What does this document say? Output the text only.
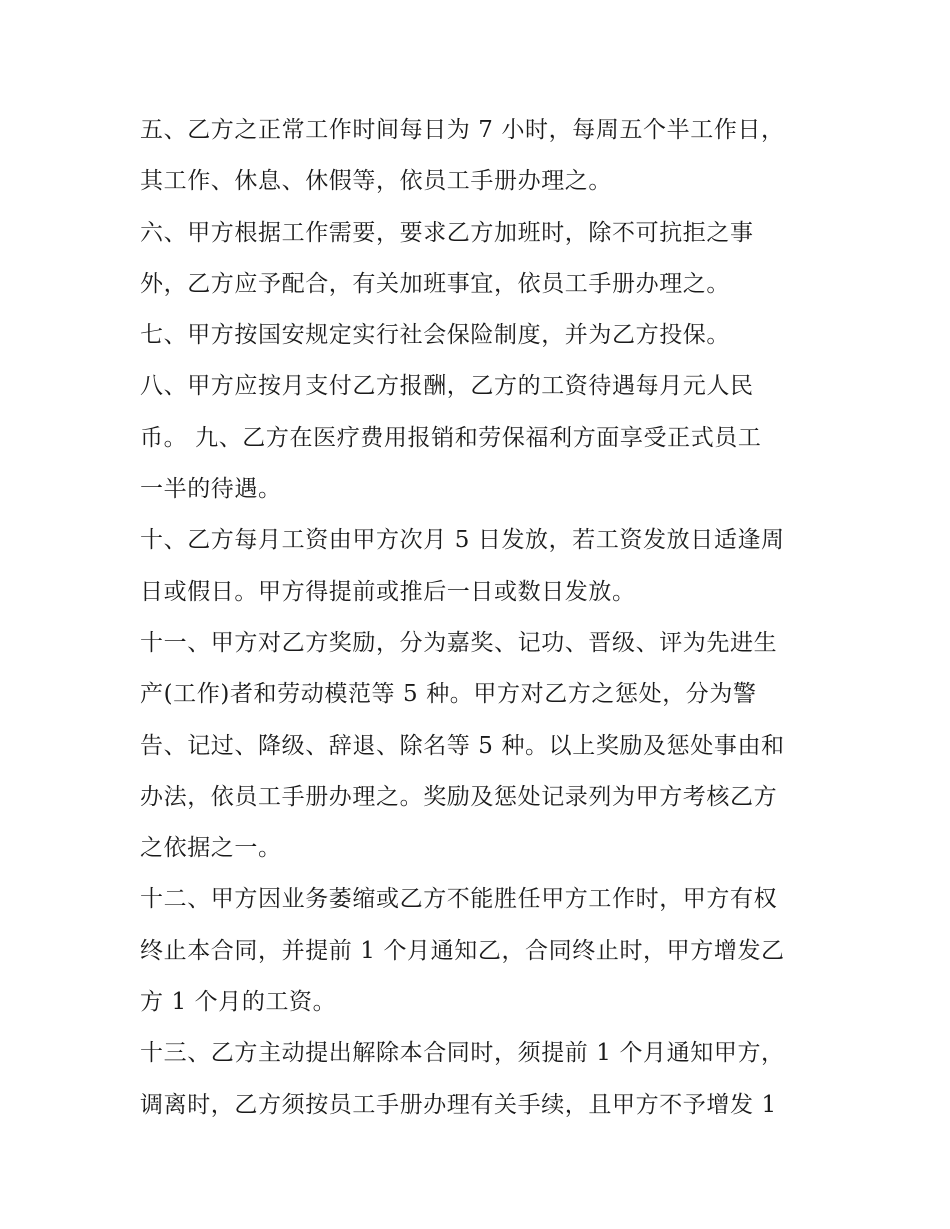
五、乙方之正常工作时间每日为 7 小时，每周五个半工作日，
其工作、休息、休假等，依员工手册办理之。
六、甲方根据工作需要，要求乙方加班时，除不可抗拒之事
外，乙方应予配合，有关加班事宜，依员工手册办理之。
七、甲方按国安规定实行社会保险制度，并为乙方投保。
八、甲方应按月支付乙方报酬，乙方的工资待遇每月元人民
币。 九、乙方在医疗费用报销和劳保福利方面享受正式员工
一半的待遇。
十、乙方每月工资由甲方次月 5 日发放，若工资发放日适逢周
日或假日。甲方得提前或推后一日或数日发放。
十一、甲方对乙方奖励，分为嘉奖、记功、晋级、评为先进生
产(工作)者和劳动模范等 5 种。甲方对乙方之惩处，分为警
告、记过、降级、辞退、除名等 5 种。以上奖励及惩处事由和
办法，依员工手册办理之。奖励及惩处记录列为甲方考核乙方
之依据之一。
十二、甲方因业务萎缩或乙方不能胜任甲方工作时，甲方有权
终止本合同，并提前 1 个月通知乙，合同终止时，甲方增发乙
方 1 个月的工资。
十三、乙方主动提出解除本合同时，须提前 1 个月通知甲方，
调离时，乙方须按员工手册办理有关手续，且甲方不予增发 1
